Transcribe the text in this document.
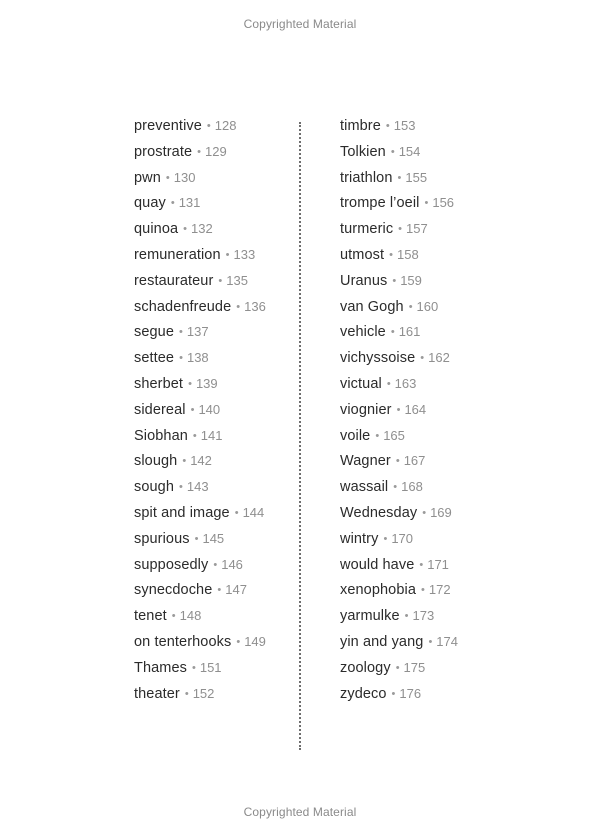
Copyrighted Material
preventive • 128
prostrate • 129
pwn • 130
quay • 131
quinoa • 132
remuneration • 133
restaurateur • 135
schadenfreude • 136
segue • 137
settee • 138
sherbet • 139
sidereal • 140
Siobhan • 141
slough • 142
sough • 143
spit and image • 144
spurious • 145
supposedly • 146
synecdoche • 147
tenet • 148
on tenterhooks • 149
Thames • 151
theater • 152
timbre • 153
Tolkien • 154
triathlon • 155
trompe l’oeil • 156
turmeric • 157
utmost • 158
Uranus • 159
van Gogh • 160
vehicle • 161
vichyssoise • 162
victual • 163
viognier • 164
voile • 165
Wagner • 167
wassail • 168
Wednesday • 169
wintry • 170
would have • 171
xenophobia • 172
yarmulke • 173
yin and yang • 174
zoology • 175
zydeco • 176
Copyrighted Material
